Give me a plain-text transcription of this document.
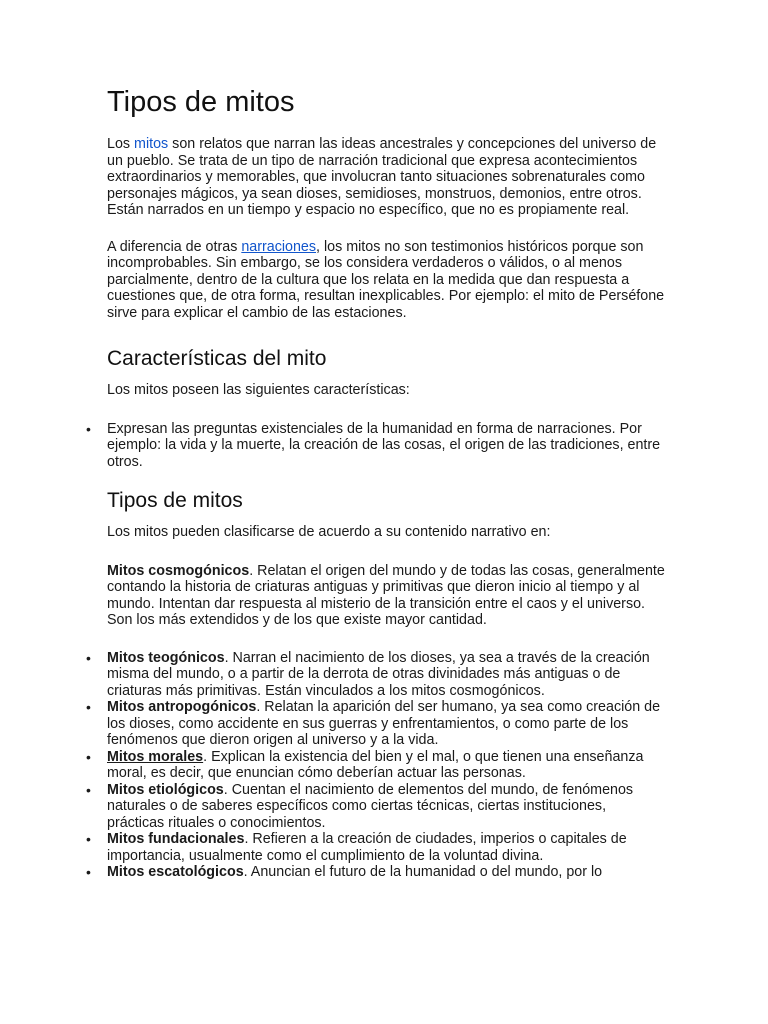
Tipos de mitos

Los mitos son relatos que narran las ideas ancestrales y concepciones del universo de un pueblo. Se trata de un tipo de narración tradicional que expresa acontecimientos extraordinarios y memorables, que involucran tanto situaciones sobrenaturales como personajes mágicos, ya sean dioses, semidioses, monstruos, demonios, entre otros. Están narrados en un tiempo y espacio no específico, que no es propiamente real.

A diferencia de otras narraciones, los mitos no son testimonios históricos porque son incomprobables. Sin embargo, se los considera verdaderos o válidos, o al menos parcialmente, dentro de la cultura que los relata en la medida que dan respuesta a cuestiones que, de otra forma, resultan inexplicables. Por ejemplo: el mito de Perséfone sirve para explicar el cambio de las estaciones.

Características del mito

Los mitos poseen las siguientes características:

• Expresan las preguntas existenciales de la humanidad en forma de narraciones. Por ejemplo: la vida y la muerte, la creación de las cosas, el origen de las tradiciones, entre otros.
Tipos de mitos

Los mitos pueden clasificarse de acuerdo a su contenido narrativo en:

Mitos cosmogónicos. Relatan el origen del mundo y de todas las cosas, generalmente contando la historia de criaturas antiguas y primitivas que dieron inicio al tiempo y al mundo. Intentan dar respuesta al misterio de la transición entre el caos y el universo. Son los más extendidos y de los que existe mayor cantidad.

• Mitos teogónicos. Narran el nacimiento de los dioses, ya sea a través de la creación misma del mundo, o a partir de la derrota de otras divinidades más antiguas o de criaturas más primitivas. Están vinculados a los mitos cosmogónicos.
• Mitos antropogónicos. Relatan la aparición del ser humano, ya sea como creación de los dioses, como accidente en sus guerras y enfrentamientos, o como parte de los fenómenos que dieron origen al universo y a la vida.
• Mitos morales. Explican la existencia del bien y el mal, o que tienen una enseñanza moral, es decir, que enuncian cómo deberían actuar las personas.
• Mitos etiológicos. Cuentan el nacimiento de elementos del mundo, de fenómenos naturales o de saberes específicos como ciertas técnicas, ciertas instituciones, prácticas rituales o conocimientos.
• Mitos fundacionales. Refieren a la creación de ciudades, imperios o capitales de importancia, usualmente como el cumplimiento de la voluntad divina.
• Mitos escatológicos. Anuncian el futuro de la humanidad o del mundo, por lo
